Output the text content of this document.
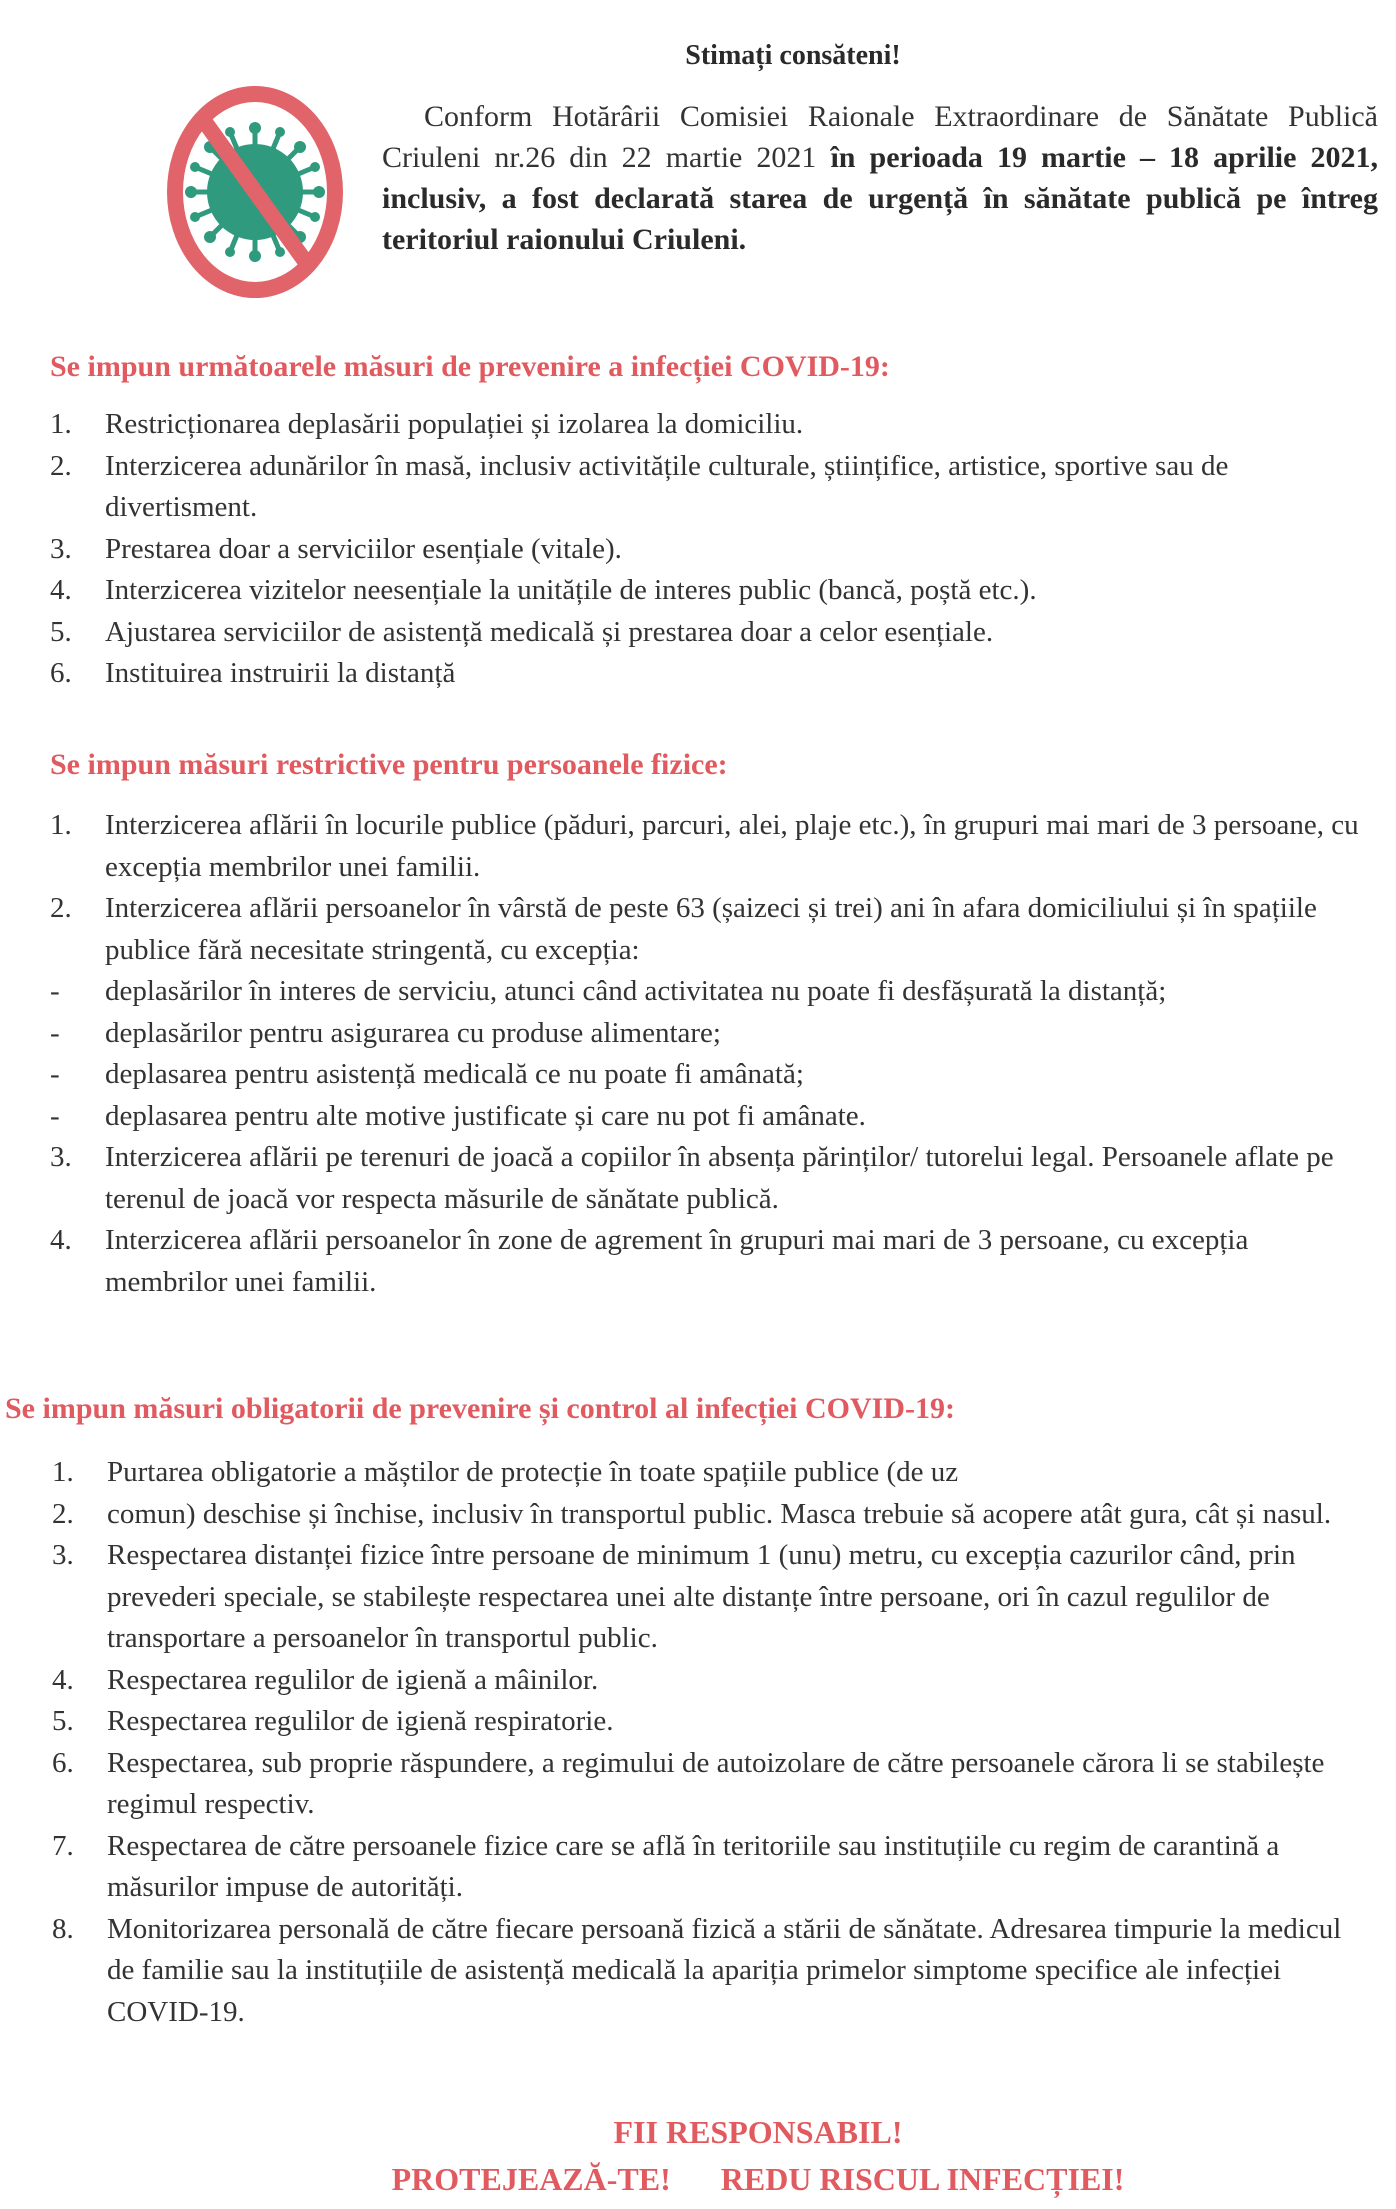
Stimați consăteni!
Conform Hotărârii Comisiei Raionale Extraordinare de Sănătate Publică Criuleni nr.26 din 22 martie 2021 în perioada 19 martie – 18 aprilie 2021, inclusiv, a fost declarată starea de urgență în sănătate publică pe întreg teritoriul raionului Criuleni.
Se impun următoarele măsuri de prevenire a infecției COVID-19:
1. Restricționarea deplasării populației și izolarea la domiciliu.
2. Interzicerea adunărilor în masă, inclusiv activitățile culturale, științifice, artistice, sportive sau de divertisment.
3. Prestarea doar a serviciilor esențiale (vitale).
4. Interzicerea vizitelor neesențiale la unitățile de interes public (bancă, poștă etc.).
5. Ajustarea serviciilor de asistență medicală și prestarea doar a celor esențiale.
6. Instituirea instruirii la distanță
Se impun măsuri restrictive pentru persoanele fizice:
1. Interzicerea aflării în locurile publice (păduri, parcuri, alei, plaje etc.), în grupuri mai mari de 3 persoane, cu excepția membrilor unei familii.
2. Interzicerea aflării persoanelor în vârstă de peste 63 (șaizeci și trei) ani în afara domiciliului și în spațiile publice fără necesitate stringentă, cu excepția:
- deplasărilor în interes de serviciu, atunci când activitatea nu poate fi desfășurată la distanță;
- deplasărilor pentru asigurarea cu produse alimentare;
- deplasarea pentru asistență medicală ce nu poate fi amânată;
- deplasarea pentru alte motive justificate și care nu pot fi amânate.
3. Interzicerea aflării pe terenuri de joacă a copiilor în absența părinților/ tutorelui legal. Persoanele aflate pe terenul de joacă vor respecta măsurile de sănătate publică.
4. Interzicerea aflării persoanelor în zone de agrement în grupuri mai mari de 3 persoane, cu excepția membrilor unei familii.
Se impun măsuri obligatorii de prevenire și control al infecției COVID-19:
1. Purtarea obligatorie a măștilor de protecție în toate spațiile publice (de uz
2. comun) deschise și închise, inclusiv în transportul public. Masca trebuie să acopere atât gura, cât și nasul.
3. Respectarea distanței fizice între persoane de minimum 1 (unu) metru, cu excepția cazurilor când, prin prevederi speciale, se stabilește respectarea unei alte distanțe între persoane, ori în cazul regulilor de transportare a persoanelor în transportul public.
4. Respectarea regulilor de igienă a mâinilor.
5. Respectarea regulilor de igienă respiratorie.
6. Respectarea, sub proprie răspundere, a regimului de autoizolare de către persoanele cărora li se stabilește regimul respectiv.
7. Respectarea de către persoanele fizice care se află în teritoriile sau instituțiile cu regim de carantină a măsurilor impuse de autorități.
8. Monitorizarea personală de către fiecare persoană fizică a stării de sănătate. Adresarea timpurie la medicul de familie sau la instituțiile de asistență medicală la apariția primelor simptome specifice ale infecției COVID-19.
FII RESPONSABIL!
PROTEJEAZĂ-TE! REDU RISCUL INFECȚIEI!
